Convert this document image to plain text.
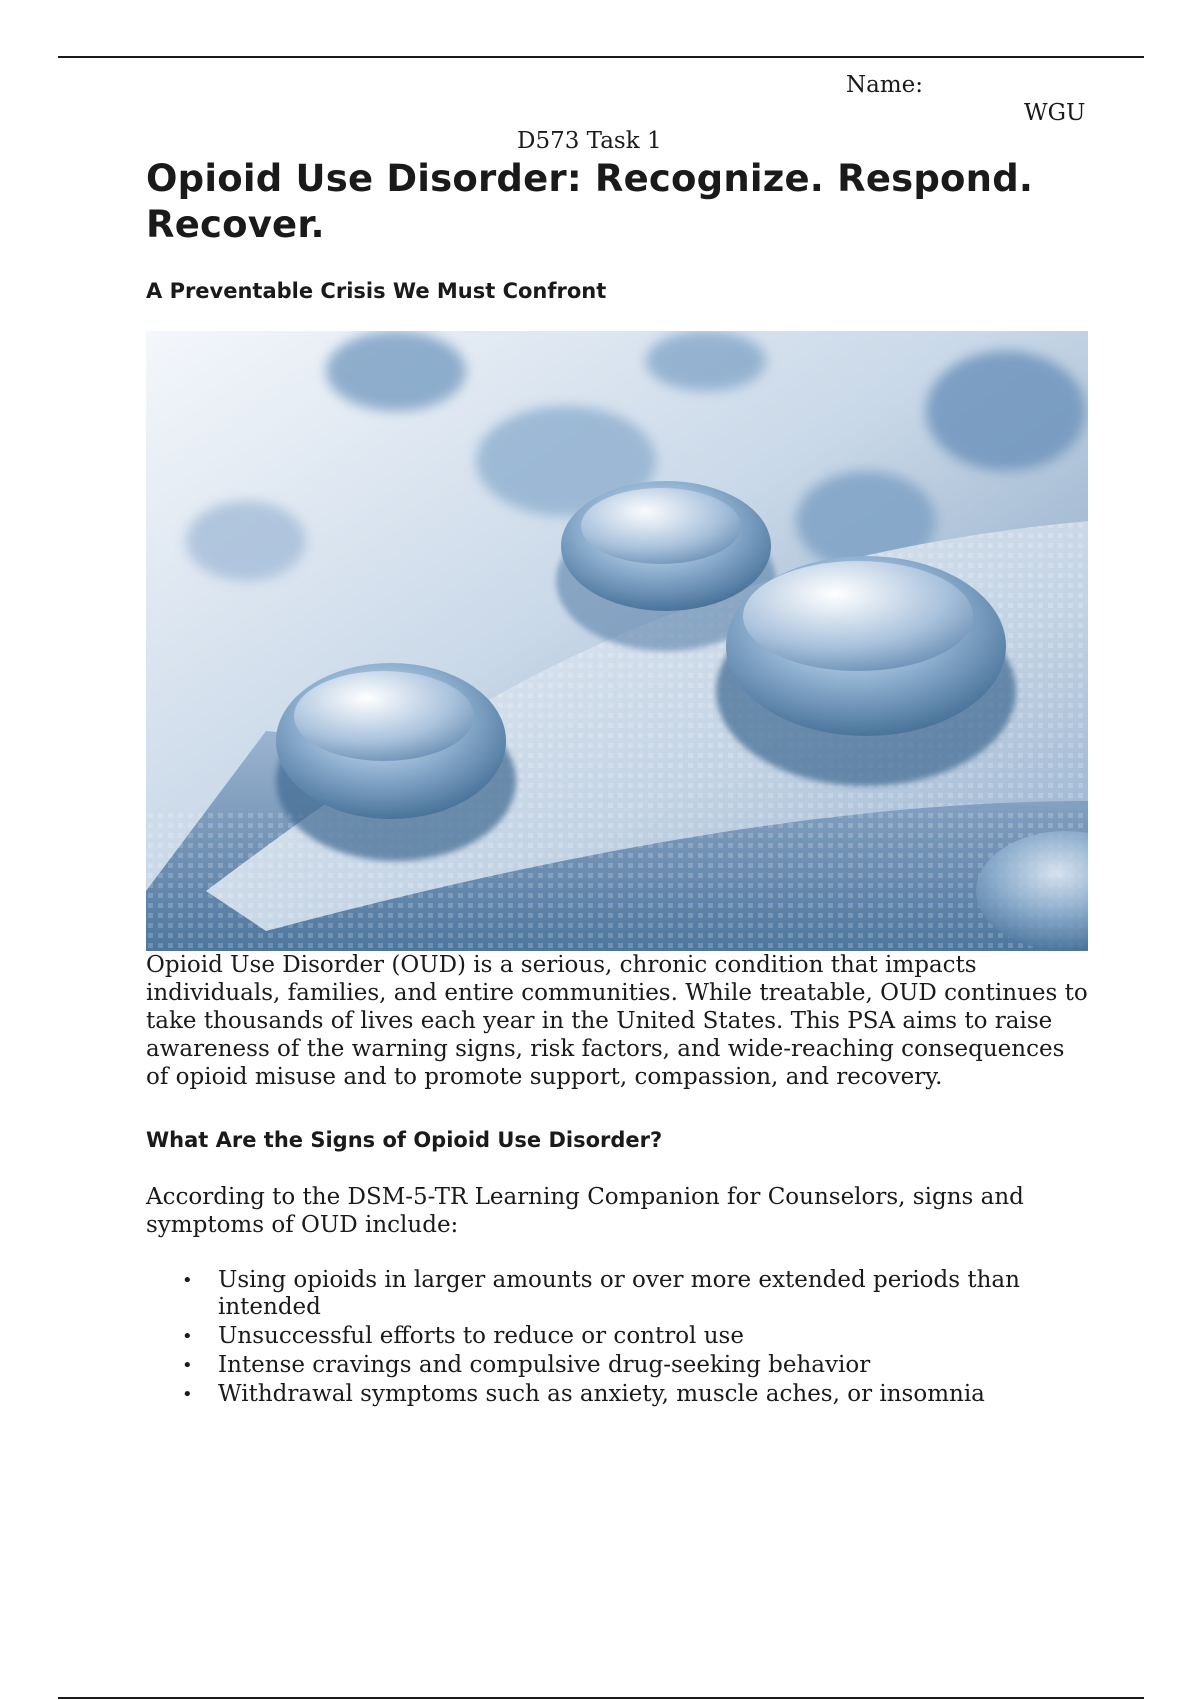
Name:
WGU
D573 Task 1
Opioid Use Disorder: Recognize. Respond. Recover.
A Preventable Crisis We Must Confront

Opioid Use Disorder (OUD) is a serious, chronic condition that impacts individuals, families, and entire communities. While treatable, OUD continues to take thousands of lives each year in the United States. This PSA aims to raise awareness of the warning signs, risk factors, and wide-reaching consequences of opioid misuse and to promote support, compassion, and recovery.

What Are the Signs of Opioid Use Disorder?

According to the DSM-5-TR Learning Companion for Counselors, signs and symptoms of OUD include:

• Using opioids in larger amounts or over more extended periods than intended
• Unsuccessful efforts to reduce or control use
• Intense cravings and compulsive drug-seeking behavior
• Withdrawal symptoms such as anxiety, muscle aches, or insomnia
